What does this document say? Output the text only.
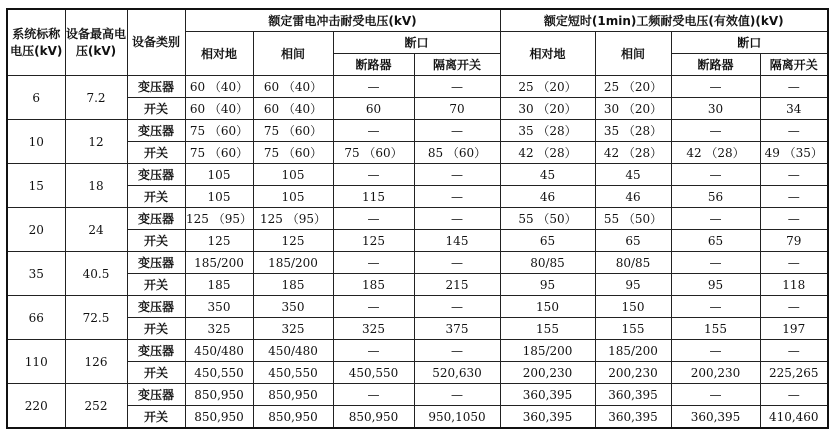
系统标称电压(kV)	设备最高电压(kV)	设备类别	额定雷电冲击耐受电压(kV)				额定短时(1min)工频耐受电压(有效值)(kV)			
			相对地	相间	断口		相对地	相间	断口	
					断路器	隔离开关			断路器	隔离开关
6	7.2	变压器	60 （40）	60 （40）	—	—	25 （20）	25 （20）	—	—
		开关	60 （40）	60 （40）	60	70	30 （20）	30 （20）	30	34
10	12	变压器	75 （60）	75 （60）	—	—	35 （28）	35 （28）	—	—
		开关	75 （60）	75 （60）	75 （60）	85 （60）	42 （28）	42 （28）	42 （28）	49 （35）
15	18	变压器	105	105	—	—	45	45	—	—
		开关	105	105	115	—	46	46	56	—
20	24	变压器	125 （95）	125 （95）	—	—	55 （50）	55 （50）	—	—
		开关	125	125	125	145	65	65	65	79
35	40.5	变压器	185/200	185/200	—	—	80/85	80/85	—	—
		开关	185	185	185	215	95	95	95	118
66	72.5	变压器	350	350	—	—	150	150	—	—
		开关	325	325	325	375	155	155	155	197
110	126	变压器	450/480	450/480	—	—	185/200	185/200	—	—
		开关	450,550	450,550	450,550	520,630	200,230	200,230	200,230	225,265
220	252	变压器	850,950	850,950	—	—	360,395	360,395	—	—
		开关	850,950	850,950	850,950	950,1050	360,395	360,395	360,395	410,460
